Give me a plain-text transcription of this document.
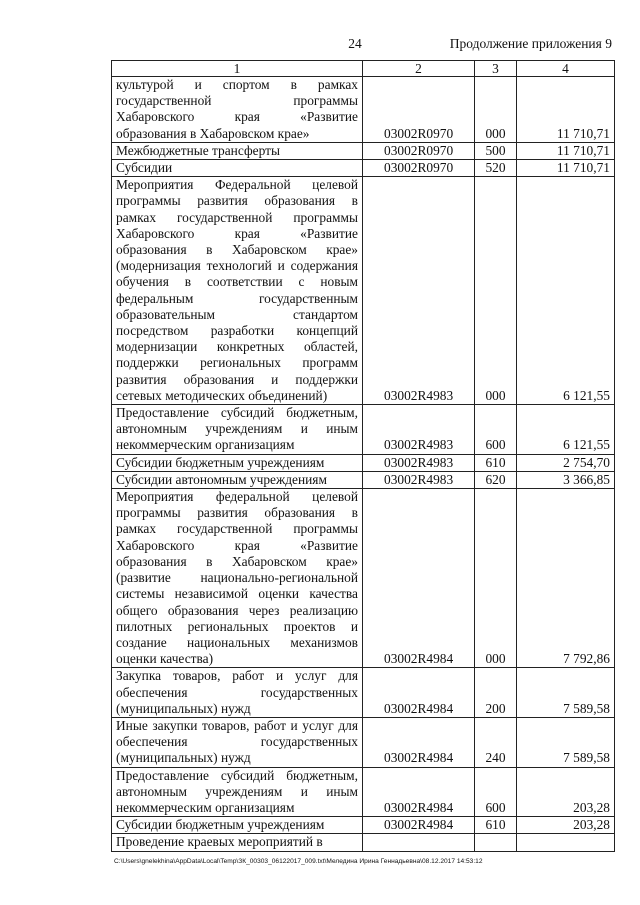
24	Продолжение приложения 9
1	2	3	4
культурой и спортом в рамках государственной программы Хабаровского края «Развитие образования в Хабаровском крае»	03002R0970	000	11 710,71
Межбюджетные трансферты	03002R0970	500	11 710,71
Субсидии	03002R0970	520	11 710,71
Мероприятия Федеральной целевой программы развития образования в рамках государственной программы Хабаровского края «Развитие образования в Хабаровском крае» (модернизация технологий и содержания обучения в соответствии с новым федеральным государственным образовательным стандартом посредством разработки концепций модернизации конкретных областей, поддержки региональных программ развития образования и поддержки сетевых методических объединений)	03002R4983	000	6 121,55
Предоставление субсидий бюджетным, автономным учреждениям и иным некоммерческим организациям	03002R4983	600	6 121,55
Субсидии бюджетным учреждениям	03002R4983	610	2 754,70
Субсидии автономным учреждениям	03002R4983	620	3 366,85
Мероприятия федеральной целевой программы развития образования в рамках государственной программы Хабаровского края «Развитие образования в Хабаровском крае» (развитие национально-региональной системы независимой оценки качества общего образования через реализацию пилотных региональных проектов и создание национальных механизмов оценки качества)	03002R4984	000	7 792,86
Закупка товаров, работ и услуг для обеспечения государственных (муниципальных) нужд	03002R4984	200	7 589,58
Иные закупки товаров, работ и услуг для обеспечения государственных (муниципальных) нужд	03002R4984	240	7 589,58
Предоставление субсидий бюджетным, автономным учреждениям и иным некоммерческим организациям	03002R4984	600	203,28
Субсидии бюджетным учреждениям	03002R4984	610	203,28
Проведение краевых мероприятий в			
C:\Users\gnelekhina\AppData\Local\Temp\ЗК_00303_06122017_009.txt\Меледина Ирина Геннадьевна\08.12.2017 14:53:12
